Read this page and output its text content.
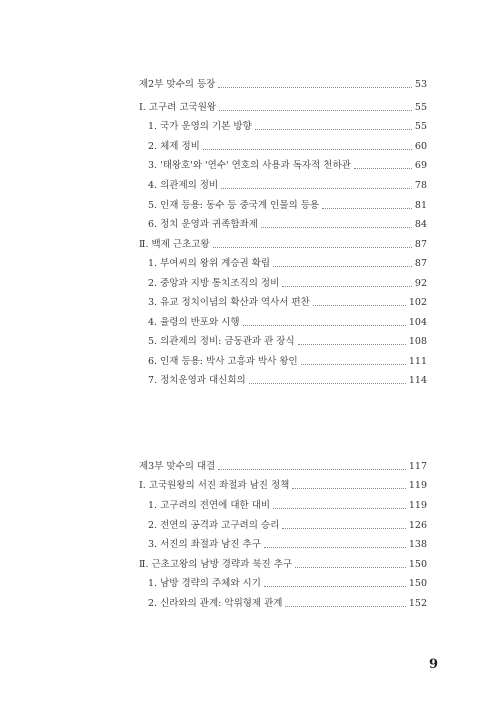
제2부 맞수의 등장	53
Ⅰ. 고구려 고국원왕	55
1. 국가 운영의 기본 방향	55
2. 체제 정비	60
3. '태왕호'와 '연수' 연호의 사용과 독자적 천하관	69
4. 의관제의 정비	78
5. 인재 등용: 동수 등 중국계 인물의 등용	81
6. 정치 운영과 귀족합좌제	84
Ⅱ. 백제 근초고왕	87
1. 부여씨의 왕위 계승권 확립	87
2. 중앙과 지방 통치조직의 정비	92
3. 유교 정치이념의 확산과 역사서 편찬	102
4. 율령의 반포와 시행	104
5. 의관제의 정비: 금동관과 관 장식	108
6. 인재 등용: 박사 고흥과 박사 왕인	111
7. 정치운영과 대신회의	114
제3부 맞수의 대결	117
Ⅰ. 고국원왕의 서진 좌절과 남진 정책	119
1. 고구려의 전연에 대한 대비	119
2. 전연의 공격과 고구려의 승리	126
3. 서진의 좌절과 남진 추구	138
Ⅱ. 근초고왕의 남방 경략과 북진 추구	150
1. 남방 경략의 주체와 시기	150
2. 신라와의 관계: 악위형제 관계	152
9
